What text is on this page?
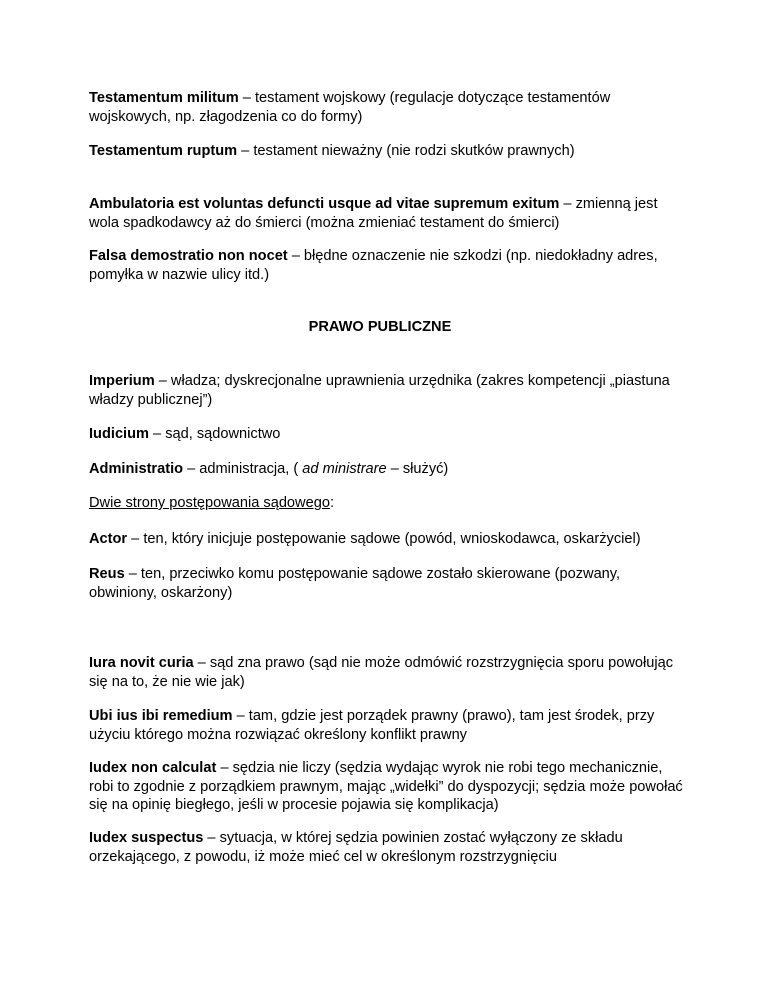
Testamentum militum – testament wojskowy (regulacje dotyczące testamentów wojskowych, np. złagodzenia co do formy)

Testamentum ruptum – testament nieważny (nie rodzi skutków prawnych)

Ambulatoria est voluntas defuncti usque ad vitae supremum exitum – zmienną jest wola spadkodawcy aż do śmierci (można zmieniać testament do śmierci)

Falsa demostratio non nocet – błędne oznaczenie nie szkodzi (np. niedokładny adres, pomyłka w nazwie ulicy itd.)

PRAWO PUBLICZNE

Imperium – władza; dyskrecjonalne uprawnienia urzędnika (zakres kompetencji „piastuna władzy publicznej”)

Iudicium – sąd, sądownictwo

Administratio – administracja, ( ad ministrare – służyć)

Dwie strony postępowania sądowego:

Actor – ten, który inicjuje postępowanie sądowe (powód, wnioskodawca, oskarżyciel)

Reus – ten, przeciwko komu postępowanie sądowe zostało skierowane (pozwany, obwiniony, oskarżony)

Iura novit curia – sąd zna prawo (sąd nie może odmówić rozstrzygnięcia sporu powołując się na to, że nie wie jak)

Ubi ius ibi remedium – tam, gdzie jest porządek prawny (prawo), tam jest środek, przy użyciu którego można rozwiązać określony konflikt prawny

Iudex non calculat – sędzia nie liczy (sędzia wydając wyrok nie robi tego mechanicznie, robi to zgodnie z porządkiem prawnym, mając „widełki” do dyspozycji; sędzia może powołać się na opinię biegłego, jeśli w procesie pojawia się komplikacja)

Iudex suspectus – sytuacja, w której sędzia powinien zostać wyłączony ze składu orzekającego, z powodu, iż może mieć cel w określonym rozstrzygnięciu
